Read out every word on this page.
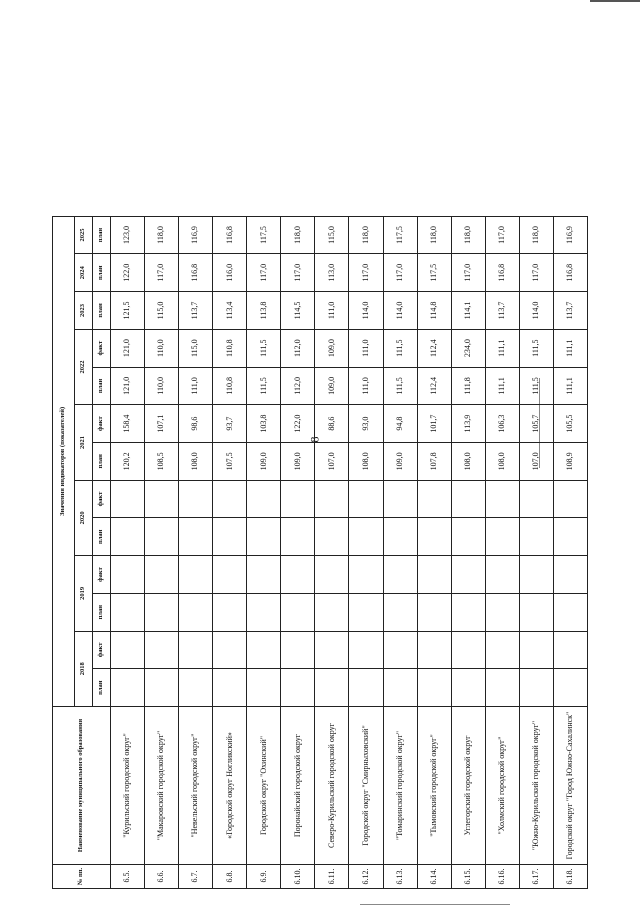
8
№ пп.	Наименование муниципального образования	Значения индикаторов (показателей)												
		2018		2019		2020		2021		2022		2023	2024	2025
		план	факт	план	факт	план	факт	план	факт	план	факт	план	план	план
6.5.	"Курильский городской округ"							120,2	158,4	121,0	121,0	121,5	122,0	123,0
6.6.	"Макаровский городской округ"							108,5	107,1	110,0	110,0	115,0	117,0	118,0
6.7.	"Невельский городской округ"							108,0	98,6	111,0	115,0	113,7	116,8	116,9
6.8.	«Городской округ Ногликский»							107,5	93,7	110,8	110,8	113,4	116,0	116,8
6.9.	Городской округ "Охинский"							109,0	103,8	111,5	111,5	113,8	117,0	117,5
6.10.	Поронайский городской округ							109,0	122,0	112,0	112,0	114,5	117,0	118,0
6.11.	Северо-Курильский городской округ							107,0	88,6	109,0	109,0	111,0	113,0	115,0
6.12.	Городской округ "Смирныховский"							108,0	93,0	111,0	111,0	114,0	117,0	118,0
6.13.	"Томаринский городской округ"							109,0	94,8	111,5	111,5	114,0	117,0	117,5
6.14.	"Тымовский городской округ"							107,8	101,7	112,4	112,4	114,8	117,5	118,0
6.15.	Углегорский городской округ							108,0	113,9	111,8	234,0	114,1	117,0	118,0
6.16.	"Холмский городской округ"							108,0	106,3	111,1	111,1	113,7	116,8	117,0
6.17.	"Южно-Курильский городской округ"							107,0	105,7	111,5	111,5	114,0	117,0	118,0
6.18.	Городской округ "Город Южно-Сахалинск"							108,9	105,5	111,1	111,1	113,7	116,8	116,9
